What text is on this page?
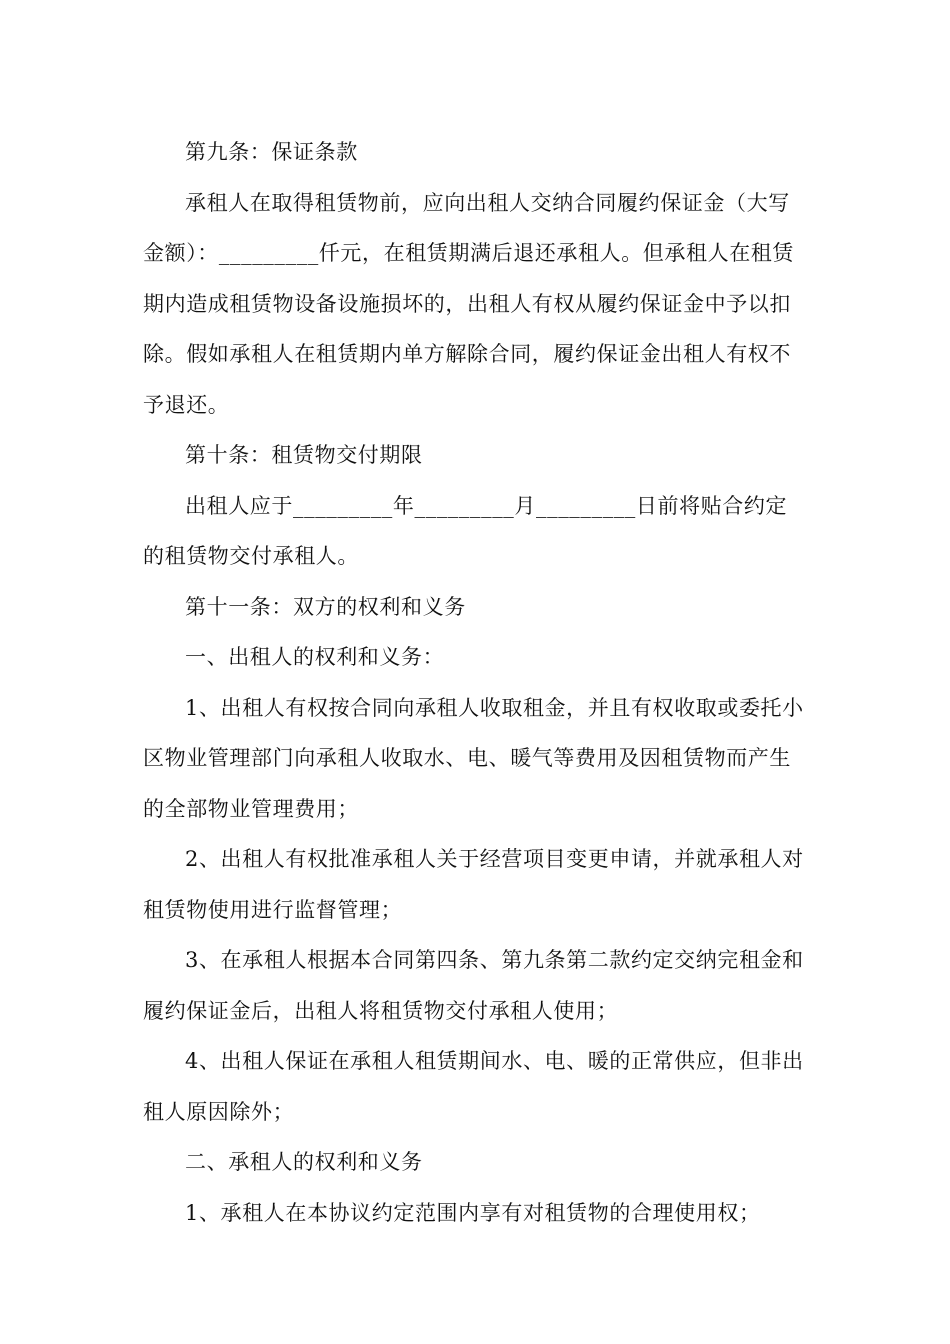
第九条：保证条款

承租人在取得租赁物前，应向出租人交纳合同履约保证金（大写金额）：_________仟元，在租赁期满后退还承租人。但承租人在租赁期内造成租赁物设备设施损坏的，出租人有权从履约保证金中予以扣除。假如承租人在租赁期内单方解除合同，履约保证金出租人有权不予退还。

第十条：租赁物交付期限

出租人应于_________年_________月_________日前将贴合约定的租赁物交付承租人。

第十一条：双方的权利和义务

一、出租人的权利和义务：

1、出租人有权按合同向承租人收取租金，并且有权收取或委托小区物业管理部门向承租人收取水、电、暖气等费用及因租赁物而产生的全部物业管理费用；

2、出租人有权批准承租人关于经营项目变更申请，并就承租人对租赁物使用进行监督管理；

3、在承租人根据本合同第四条、第九条第二款约定交纳完租金和履约保证金后，出租人将租赁物交付承租人使用；

4、出租人保证在承租人租赁期间水、电、暖的正常供应，但非出租人原因除外；

二、承租人的权利和义务

1、承租人在本协议约定范围内享有对租赁物的合理使用权；
